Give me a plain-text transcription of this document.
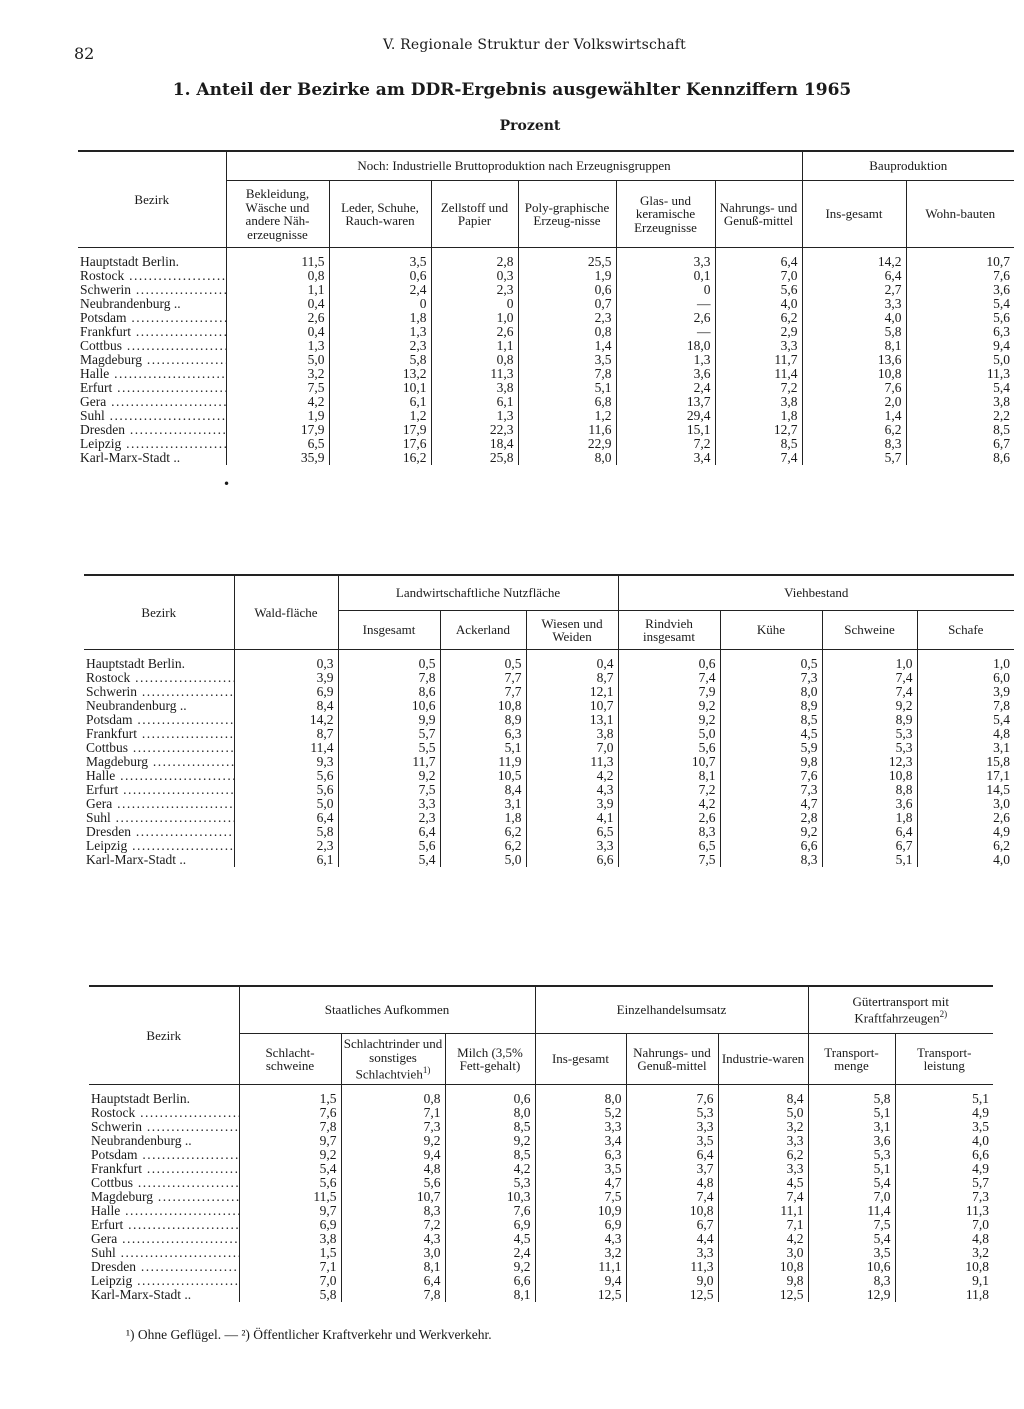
82	V. Regionale Struktur der Volkswirtschaft
1. Anteil der Bezirke am DDR-Ergebnis ausgewählter Kennziffern 1965
Prozent
•
Bezirk	Noch: Industrielle Bruttoproduktion nach Erzeugnisgruppen						Bauproduktion	
	Bekleidung, Wäsche und andere Näh-erzeugnisse	Leder, Schuhe, Rauch-waren	Zellstoff und Papier	Poly-graphische Erzeug-nisse	Glas- und keramische Erzeugnisse	Nahrungs- und Genuß-mittel	Ins-gesamt	Wohn-bauten
Hauptstadt Berlin.	11,5	3,5	2,8	25,5	3,3	6,4	14,2	10,7
Rostock .....	0,8	0,6	0,3	1,9	0,1	7,0	6,4	7,6
Schwerin .....	1,1	2,4	2,3	0,6	0	5,6	2,7	3,6
Neubrandenburg ..	0,4	0	0	0,7	—	4,0	3,3	5,4
Potsdam .....	2,6	1,8	1,0	2,3	2,6	6,2	4,0	5,6
Frankfurt .....	0,4	1,3	2,6	0,8	—	2,9	5,8	6,3
Cottbus .....	1,3	2,3	1,1	1,4	18,0	3,3	8,1	9,4
Magdeburg .....	5,0	5,8	0,8	3,5	1,3	11,7	13,6	5,0
Halle .....	3,2	13,2	11,3	7,8	3,6	11,4	10,8	11,3
Erfurt .....	7,5	10,1	3,8	5,1	2,4	7,2	7,6	5,4
Gera .....	4,2	6,1	6,1	6,8	13,7	3,8	2,0	3,8
Suhl .....	1,9	1,2	1,3	1,2	29,4	1,8	1,4	2,2
Dresden .....	17,9	17,9	22,3	11,6	15,1	12,7	6,2	8,5
Leipzig .....	6,5	17,6	18,4	22,9	7,2	8,5	8,3	6,7
Karl-Marx-Stadt ..	35,9	16,2	25,8	8,0	3,4	7,4	5,7	8,6
Bezirk	Wald-fläche	Landwirtschaftliche Nutzfläche			Viehbestand			
		Insgesamt	Ackerland	Wiesen und Weiden	Rindvieh insgesamt	Kühe	Schweine	Schafe
Hauptstadt Berlin.	0,3	0,5	0,5	0,4	0,6	0,5	1,0	1,0
Rostock .....	3,9	7,8	7,7	8,7	7,4	7,3	7,4	6,0
Schwerin .....	6,9	8,6	7,7	12,1	7,9	8,0	7,4	3,9
Neubrandenburg ..	8,4	10,6	10,8	10,7	9,2	8,9	9,2	7,8
Potsdam .....	14,2	9,9	8,9	13,1	9,2	8,5	8,9	5,4
Frankfurt .....	8,7	5,7	6,3	3,8	5,0	4,5	5,3	4,8
Cottbus .....	11,4	5,5	5,1	7,0	5,6	5,9	5,3	3,1
Magdeburg .....	9,3	11,7	11,9	11,3	10,7	9,8	12,3	15,8
Halle .....	5,6	9,2	10,5	4,2	8,1	7,6	10,8	17,1
Erfurt .....	5,6	7,5	8,4	4,3	7,2	7,3	8,8	14,5
Gera .....	5,0	3,3	3,1	3,9	4,2	4,7	3,6	3,0
Suhl .....	6,4	2,3	1,8	4,1	2,6	2,8	1,8	2,6
Dresden .....	5,8	6,4	6,2	6,5	8,3	9,2	6,4	4,9
Leipzig .....	2,3	5,6	6,2	3,3	6,5	6,6	6,7	6,2
Karl-Marx-Stadt ..	6,1	5,4	5,0	6,6	7,5	8,3	5,1	4,0
Bezirk	Staatliches Aufkommen			Einzelhandelsumsatz			Gütertransport mit Kraftfahrzeugen$^{2)}$
	Schlacht-schweine	Schlachtrinder und sonstiges Schlachtvieh$^{1)}$	Milch (3,5% Fett-gehalt)	Ins-gesamt	Nahrungs- und Genuß-mittel	Industrie-waren	Transport-menge	Transport-leistung
Hauptstadt Berlin.	1,5	0,8	0,6	8,0	7,6	8,4	5,8	5,1
Rostock .....	7,6	7,1	8,0	5,2	5,3	5,0	5,1	4,9
Schwerin .....	7,8	7,3	8,5	3,3	3,3	3,2	3,1	3,5
Neubrandenburg ..	9,7	9,2	9,2	3,4	3,5	3,3	3,6	4,0
Potsdam .....	9,2	9,4	8,5	6,3	6,4	6,2	5,3	6,6
Frankfurt .....	5,4	4,8	4,2	3,5	3,7	3,3	5,1	4,9
Cottbus .....	5,6	5,6	5,3	4,7	4,8	4,5	5,4	5,7
Magdeburg .....	11,5	10,7	10,3	7,5	7,4	7,4	7,0	7,3
Halle .....	9,7	8,3	7,6	10,9	10,8	11,1	11,4	11,3
Erfurt .....	6,9	7,2	6,9	6,9	6,7	7,1	7,5	7,0
Gera .....	3,8	4,3	4,5	4,3	4,4	4,2	5,4	4,8
Suhl .....	1,5	3,0	2,4	3,2	3,3	3,0	3,5	3,2
Dresden .....	7,1	8,1	9,2	11,1	11,3	10,8	10,6	10,8
Leipzig .....	7,0	6,4	6,6	9,4	9,0	9,8	8,3	9,1
Karl-Marx-Stadt ..	5,8	7,8	8,1	12,5	12,5	12,5	12,9	11,8
¹) Ohne Geflügel. — ²) Öffentlicher Kraftverkehr und Werkverkehr.
